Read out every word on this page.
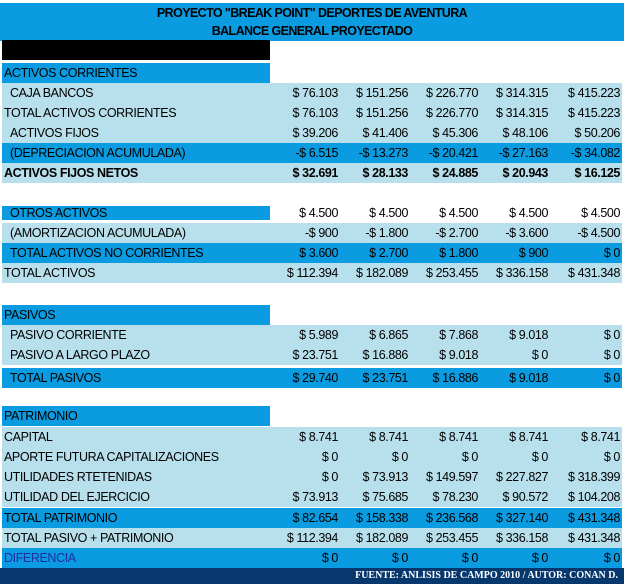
PROYECTO "BREAK POINT" DEPORTES DE AVENTURA
BALANCE GENERAL PROYECTADO
ACTIVOS CORRIENTES
CAJA BANCOS	$ 76.103	$ 151.256	$ 226.770	$ 314.315	$ 415.223
TOTAL ACTIVOS CORRIENTES	$ 76.103	$ 151.256	$ 226.770	$ 314.315	$ 415.223
ACTIVOS FIJOS	$ 39.206	$ 41.406	$ 45.306	$ 48.106	$ 50.206
(DEPRECIACION ACUMULADA)	-$ 6.515	-$ 13.273	-$ 20.421	-$ 27.163	-$ 34.082
ACTIVOS FIJOS NETOS	$ 32.691	$ 28.133	$ 24.885	$ 20.943	$ 16.125
OTROS ACTIVOS	$ 4.500	$ 4.500	$ 4.500	$ 4.500	$ 4.500
(AMORTIZACION ACUMULADA)	-$ 900	-$ 1.800	-$ 2.700	-$ 3.600	-$ 4.500
TOTAL ACTIVOS NO CORRIENTES	$ 3.600	$ 2.700	$ 1.800	$ 900	$ 0
TOTAL ACTIVOS	$ 112.394	$ 182.089	$ 253.455	$ 336.158	$ 431.348
PASIVOS
PASIVO CORRIENTE	$ 5.989	$ 6.865	$ 7.868	$ 9.018	$ 0
PASIVO A LARGO PLAZO	$ 23.751	$ 16.886	$ 9.018	$ 0	$ 0
TOTAL PASIVOS	$ 29.740	$ 23.751	$ 16.886	$ 9.018	$ 0
PATRIMONIO
CAPITAL	$ 8.741	$ 8.741	$ 8.741	$ 8.741	$ 8.741
APORTE FUTURA CAPITALIZACIONES	$ 0	$ 0	$ 0	$ 0	$ 0
UTILIDADES RTETENIDAS	$ 0	$ 73.913	$ 149.597	$ 227.827	$ 318.399
UTILIDAD DEL EJERCICIO	$ 73.913	$ 75.685	$ 78.230	$ 90.572	$ 104.208
TOTAL PATRIMONIO	$ 82.654	$ 158.338	$ 236.568	$ 327.140	$ 431.348
TOTAL PASIVO + PATRIMONIO	$ 112.394	$ 182.089	$ 253.455	$ 336.158	$ 431.348
DIFERENCIA	$ 0	$ 0	$ 0	$ 0	$ 0
FUENTE: ANLISIS DE CAMPO 2010 / AUTOR: CONAN D.
